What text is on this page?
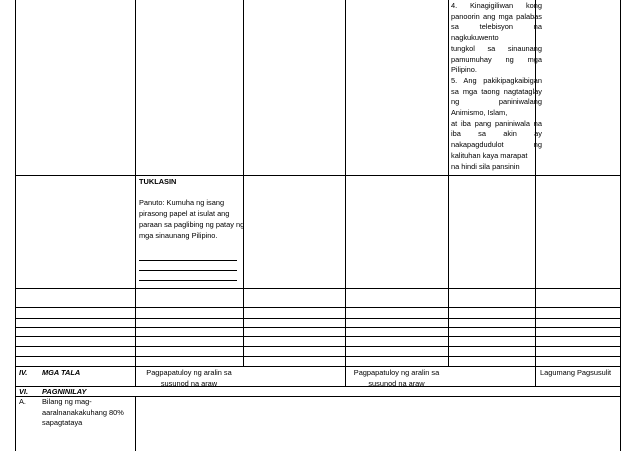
4. Kinagigiliwan kong
panoorin ang mga palabas
sa telebisyon na
nagkukuwento
tungkol sa sinaunang
pamumuhay ng mga
Pilipino.
5. Ang pakikipagkaibigan
sa mga taong nagtataglay
ng paniniwalang
Animismo, Islam,
at iba pang paniniwala na
iba sa akin ay
nakapagdudulot ng
kalituhan kaya marapat
na hindi sila pansinin
TUKLASIN
Panuto: Kumuha ng isang
pirasong papel at isulat ang
paraan sa paglibing ng patay ng
mga sinaunang Pilipino.
IV. MGA TALA	Pagpapatuloy ng aralin sa
susunod na araw
Pagpapatuloy ng aralin sa
susunod na araw
Lagumang Pagsusulit
VI. PAGNINILAY
A. Bilang ng mag-
aaralnanakakuhang 80%
sapagtataya
